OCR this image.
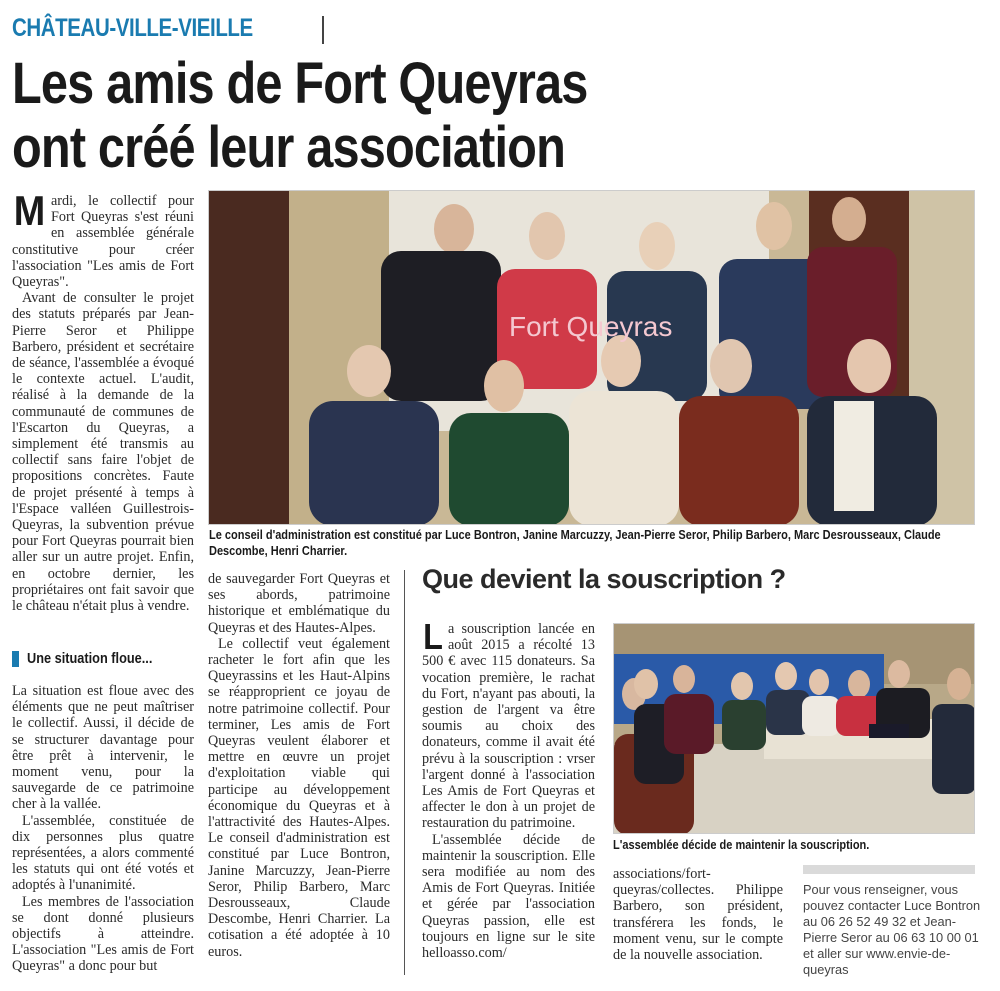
CHÂTEAU-VILLE-VIEILLE
Les amis de Fort Queyras
ont créé leur association

Mardi, le collectif pour Fort Queyras s'est réuni en assemblée générale constitutive pour créer l'association "Les amis de Fort Queyras".

Avant de consulter le projet des statuts préparés par Jean-Pierre Seror et Philippe Barbero, président et secrétaire de séance, l'assemblée a évoqué le contexte actuel. L'audit, réalisé à la demande de la communauté de communes de l'Escarton du Queyras, a simplement été transmis au collectif sans faire l'objet de propositions concrètes. Faute de projet présenté à temps à l'Espace valléen Guillestrois-Queyras, la subvention prévue pour Fort Queyras pourrait bien aller sur un autre projet. Enfin, en octobre dernier, les propriétaires ont fait savoir que le château n'était plus à vendre.

Une situation floue...

La situation est floue avec des éléments que ne peut maîtriser le collectif. Aussi, il décide de se structurer davantage pour être prêt à intervenir, le moment venu, pour la sauvegarde de ce patrimoine cher à la vallée.

L'assemblée, constituée de dix personnes plus quatre représentées, a alors commenté les statuts qui ont été votés et adoptés à l'unanimité.

Les membres de l'association se dont donné plusieurs objectifs à atteindre. L'association "Les amis de Fort Queyras" a donc pour but

Fort Queyras
Le conseil d'administration est constitué par Luce Bontron, Janine Marcuzzy, Jean-Pierre Seror, Philip Barbero, Marc Desrousseaux, Claude Descombe, Henri Charrier.

de sauvegarder Fort Queyras et ses abords, patrimoine historique et emblématique du Queyras et des Hautes-Alpes.

Le collectif veut également racheter le fort afin que les Queyrassins et les Haut-Alpins se réapproprient ce joyau de notre patrimoine collectif. Pour terminer, Les amis de Fort Queyras veulent élaborer et mettre en œuvre un projet d'exploitation viable qui participe au développement économique du Queyras et à l'attractivité des Hautes-Alpes. Le conseil d'administration est constitué par Luce Bontron, Janine Marcuzzy, Jean-Pierre Seror, Philip Barbero, Marc Desrousseaux, Claude Descombe, Henri Charrier. La cotisation a été adoptée à 10 euros.

Que devient la souscription ?

La souscription lancée en août 2015 a récolté 13 500 € avec 115 donateurs. Sa vocation première, le rachat du Fort, n'ayant pas abouti, la gestion de l'argent va être soumis au choix des donateurs, comme il avait été prévu à la souscription : vrser l'argent donné à l'association Les Amis de Fort Queyras et affecter le don à un projet de restauration du patrimoine.

L'assemblée décide de maintenir la souscription. Elle sera modifiée au nom des Amis de Fort Queyras. Initiée et gérée par l'association Queyras passion, elle est toujours en ligne sur le site helloasso.com/

L'assemblée décide de maintenir la souscription.

associations/fort-queyras/collectes. Philippe Barbero, son président, transférera les fonds, le moment venu, sur le compte de la nouvelle association.

Pour vous renseigner, vous pouvez contacter Luce Bontron au 06 26 52 49 32 et Jean-Pierre Seror au 06 63 10 00 01 et aller sur www.envie-de-queyras
